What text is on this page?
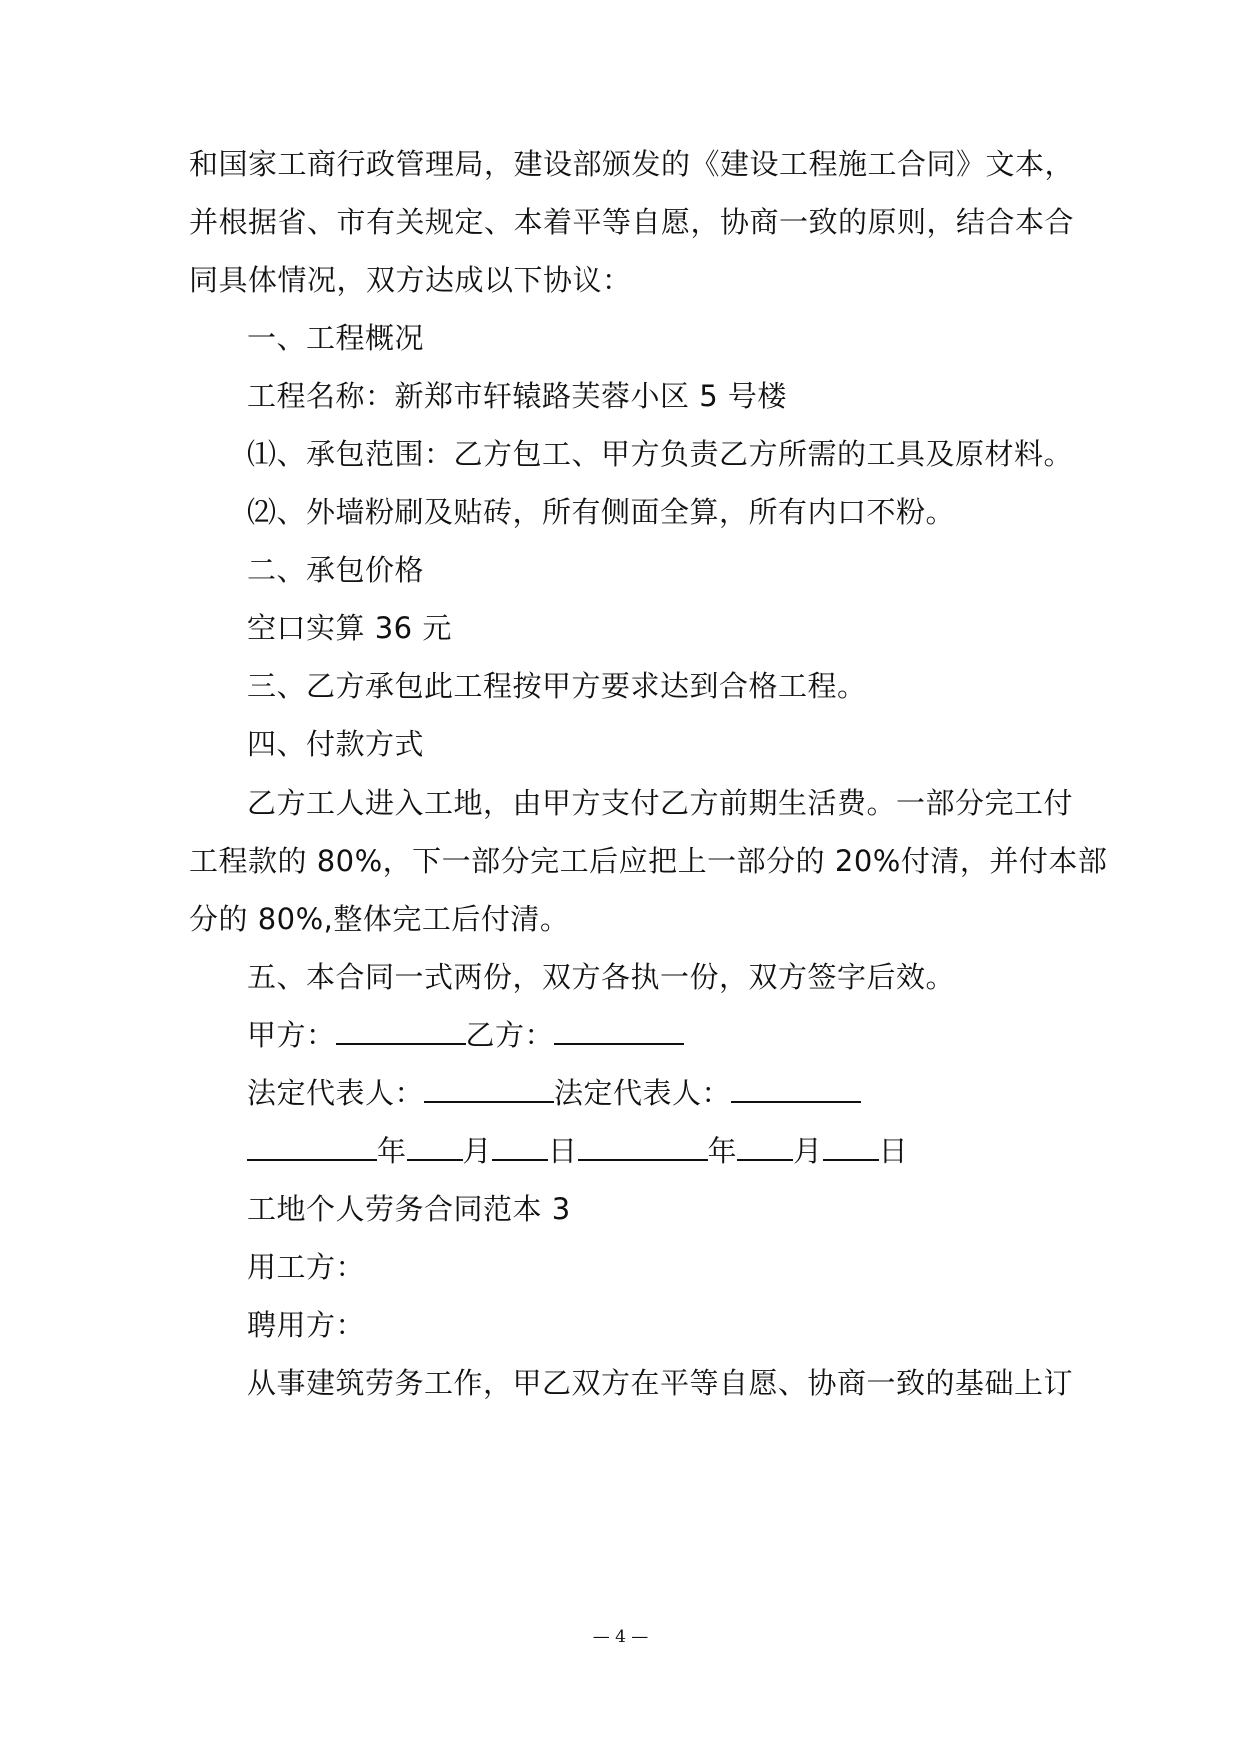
和国家工商行政管理局，建设部颁发的《建设工程施工合同》文本，
并根据省、市有关规定、本着平等自愿，协商一致的原则，结合本合
同具体情况，双方达成以下协议：
一、工程概况
工程名称：新郑市轩辕路芙蓉小区 5 号楼
⑴、承包范围：乙方包工、甲方负责乙方所需的工具及原材料。
⑵、外墙粉刷及贴砖，所有侧面全算，所有内口不粉。
二、承包价格
空口实算 36 元
三、乙方承包此工程按甲方要求达到合格工程。
四、付款方式
乙方工人进入工地，由甲方支付乙方前期生活费。一部分完工付
工程款的 80%，下一部分完工后应把上一部分的 20%付清，并付本部
分的 80%,整体完工后付清。
五、本合同一式两份，双方各执一份，双方签字后效。
甲方：	乙方：
法定代表人：	法定代表人：
年 月 日	年 月 日
工地个人劳务合同范本 3
用工方：
聘用方：
从事建筑劳务工作，甲乙双方在平等自愿、协商一致的基础上订
— 4 —
